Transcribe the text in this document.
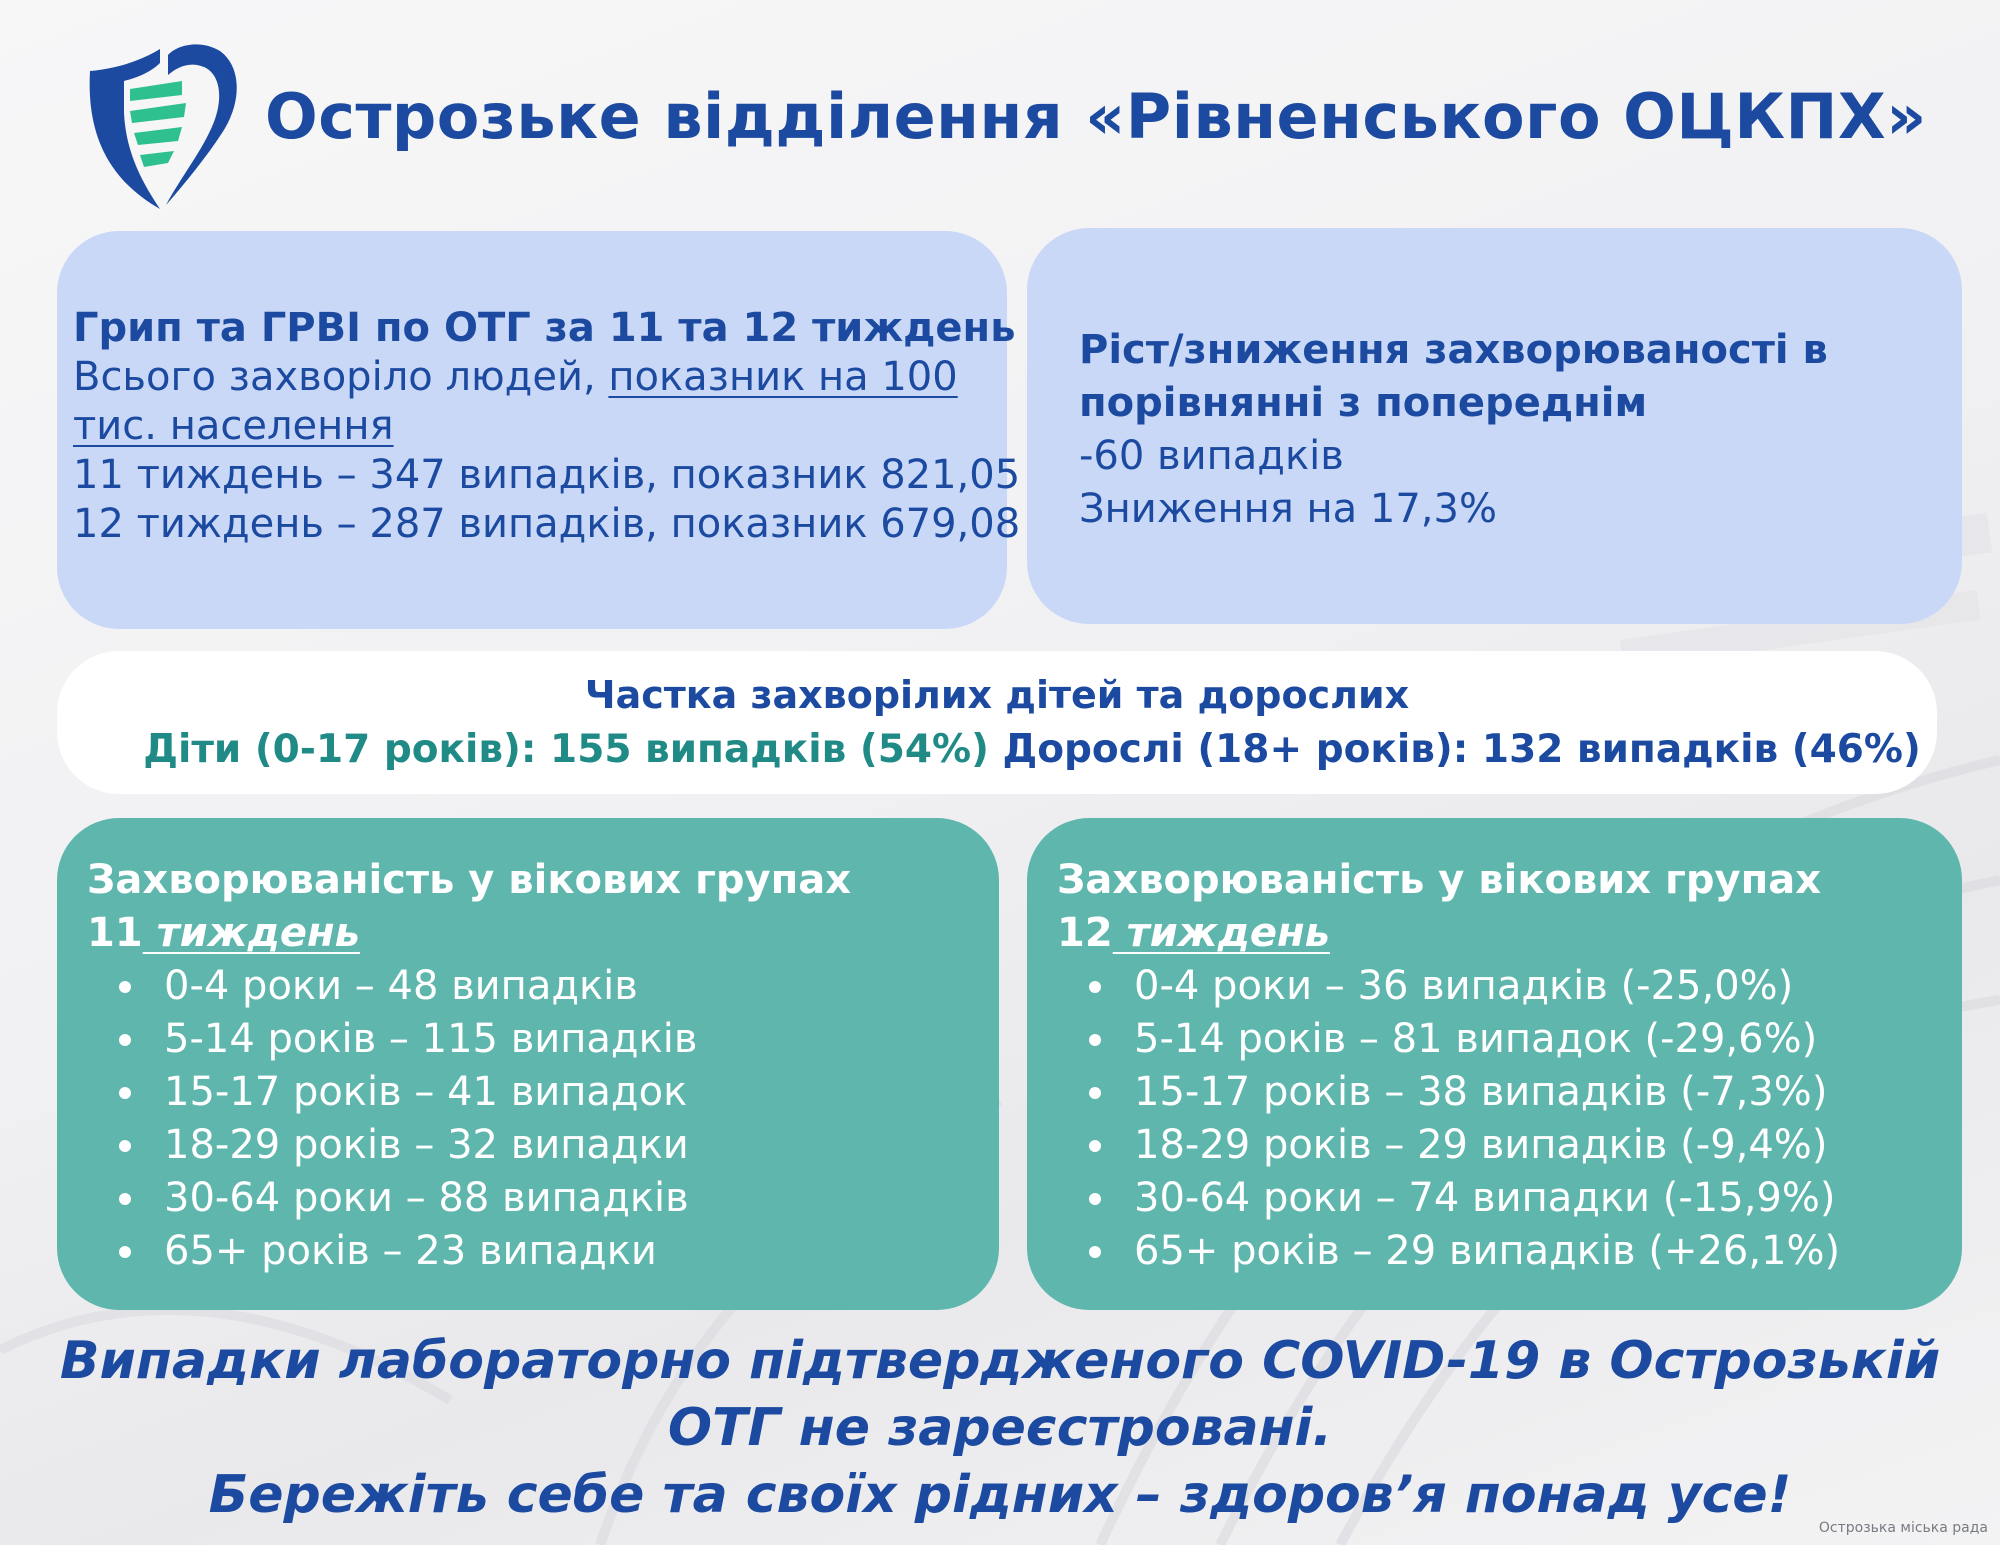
Острозьке відділення «Рівненського ОЦКПХ»
Грип та ГРВІ по ОТГ за 11 та 12 тиждень
Всього захворіло людей, показник на 100
тис. населення
11 тиждень – 347 випадків, показник 821,05
12 тиждень – 287 випадків, показник 679,08
Ріст/зниження захворюваності в
порівнянні з попереднім
-60 випадків
Зниження на 17,3%
Частка захворілих дітей та дорослих
Діти (0-17 років): 155 випадків (54%) Дорослі (18+ років): 132 випадків (46%)
Захворюваність у вікових групах
11 тиждень
0-4 роки – 48 випадків
5-14 років – 115 випадків
15-17 років – 41 випадок
18-29 років – 32 випадки
30-64 роки – 88 випадків
65+ років – 23 випадки
Захворюваність у вікових групах
12 тиждень
0-4 роки – 36 випадків (-25,0%)
5-14 років – 81 випадок (-29,6%)
15-17 років – 38 випадків (-7,3%)
18-29 років – 29 випадків (-9,4%)
30-64 роки – 74 випадки (-15,9%)
65+ років – 29 випадків (+26,1%)
Випадки лабораторно підтвердженого COVID-19 в Острозькій
ОТГ не зареєстровані.
Бережіть себе та своїх рідних – здоров’я понад усе!
Острозька міська рада
